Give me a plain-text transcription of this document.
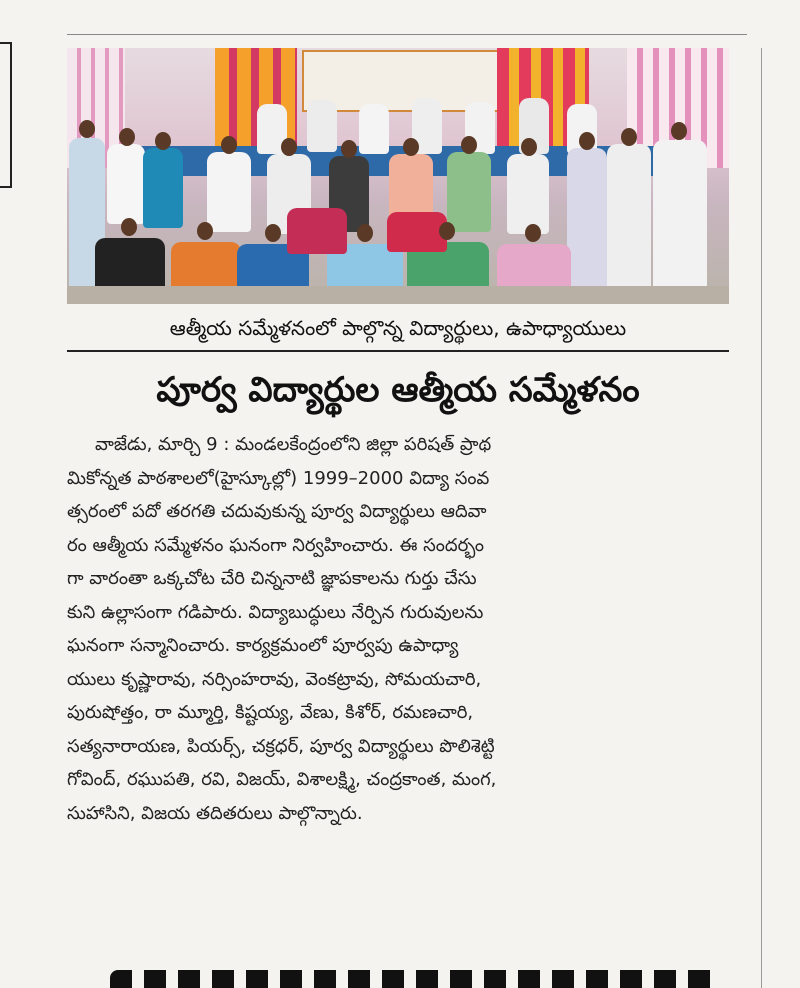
ఆత్మీయ సమ్మేళనంలో పాల్గొన్న విద్యార్థులు, ఉపాధ్యాయులు
పూర్వ విద్యార్థుల ఆత్మీయ సమ్మేళనం
వాజేడు, మార్చి 9 : మండలకేంద్రంలోని జిల్లా పరిషత్ ప్రాథ
మికోన్నత పాఠశాలలో(హైస్కూల్లో) 1999–2000 విద్యా సంవ
త్సరంలో పదో తరగతి చదువుకున్న పూర్వ విద్యార్థులు ఆదివా
రం ఆత్మీయ సమ్మేళనం ఘనంగా నిర్వహించారు. ఈ సందర్భం
గా వారంతా ఒక్కచోట చేరి చిన్ననాటి జ్ఞాపకాలను గుర్తు చేసు
కుని ఉల్లాసంగా గడిపారు. విద్యాబుద్ధులు నేర్పిన గురువులను
ఘనంగా సన్మానించారు. కార్యక్రమంలో పూర్వపు ఉపాధ్యా
యులు కృష్ణారావు, నర్సింహరావు, వెంకట్రావు, సోమయచారి,
పురుషోత్తం, రా మ్మూర్తి, కిష్టయ్య, వేణు, కిశోర్, రమణచారి,
సత్యనారాయణ, పియర్స్, చక్రధర్, పూర్వ విద్యార్థులు పొలిశెట్టి
గోవింద్, రఘుపతి, రవి, విజయ్, విశాలక్ష్మి, చంద్రకాంత, మంగ,
సుహాసిని, విజయ తదితరులు పాల్గొన్నారు.
